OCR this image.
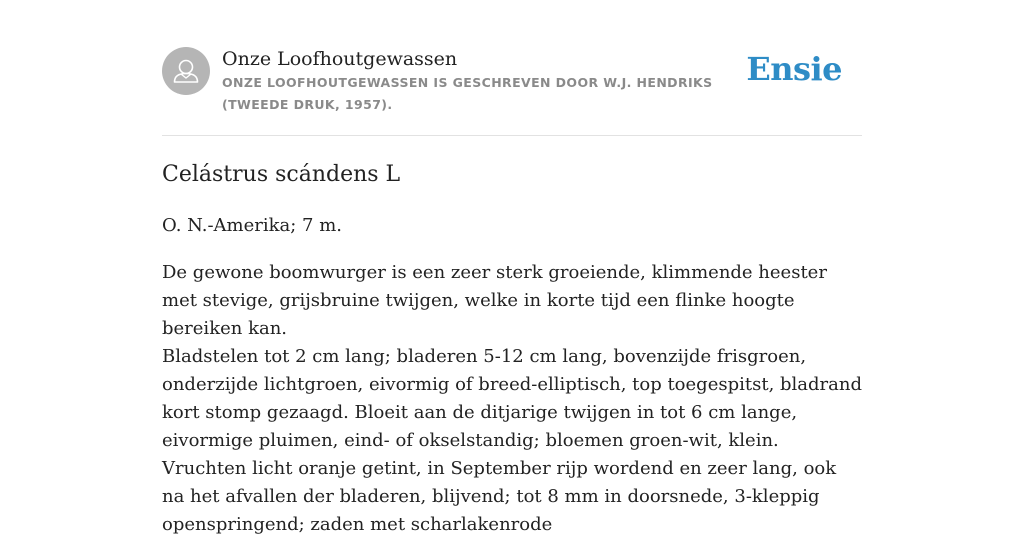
Onze Loofhoutgewassen
ONZE LOOFHOUTGEWASSEN IS GESCHREVEN DOOR W.J. HENDRIKS (TWEEDE DRUK, 1957).
Ensie
Celástrus scándens L
O. N.-Amerika; 7 m.

De gewone boomwurger is een zeer sterk groeiende, klimmende heester met stevige, grijsbruine twijgen, welke in korte tijd een flinke hoogte bereiken kan.

Bladstelen tot 2 cm lang; bladeren 5-12 cm lang, bovenzijde frisgroen, onderzijde lichtgroen, eivormig of breed-elliptisch, top toegespitst, bladrand kort stomp gezaagd. Bloeit aan de ditjarige twijgen in tot 6 cm lange, eivormige pluimen, eind- of okselstandig; bloemen groen-wit, klein. Vruchten licht oranje getint, in September rijp wordend en zeer lang, ook na het afvallen der bladeren, blijvend; tot 8 mm in doorsnede, 3-kleppig openspringend; zaden met scharlakenrode
